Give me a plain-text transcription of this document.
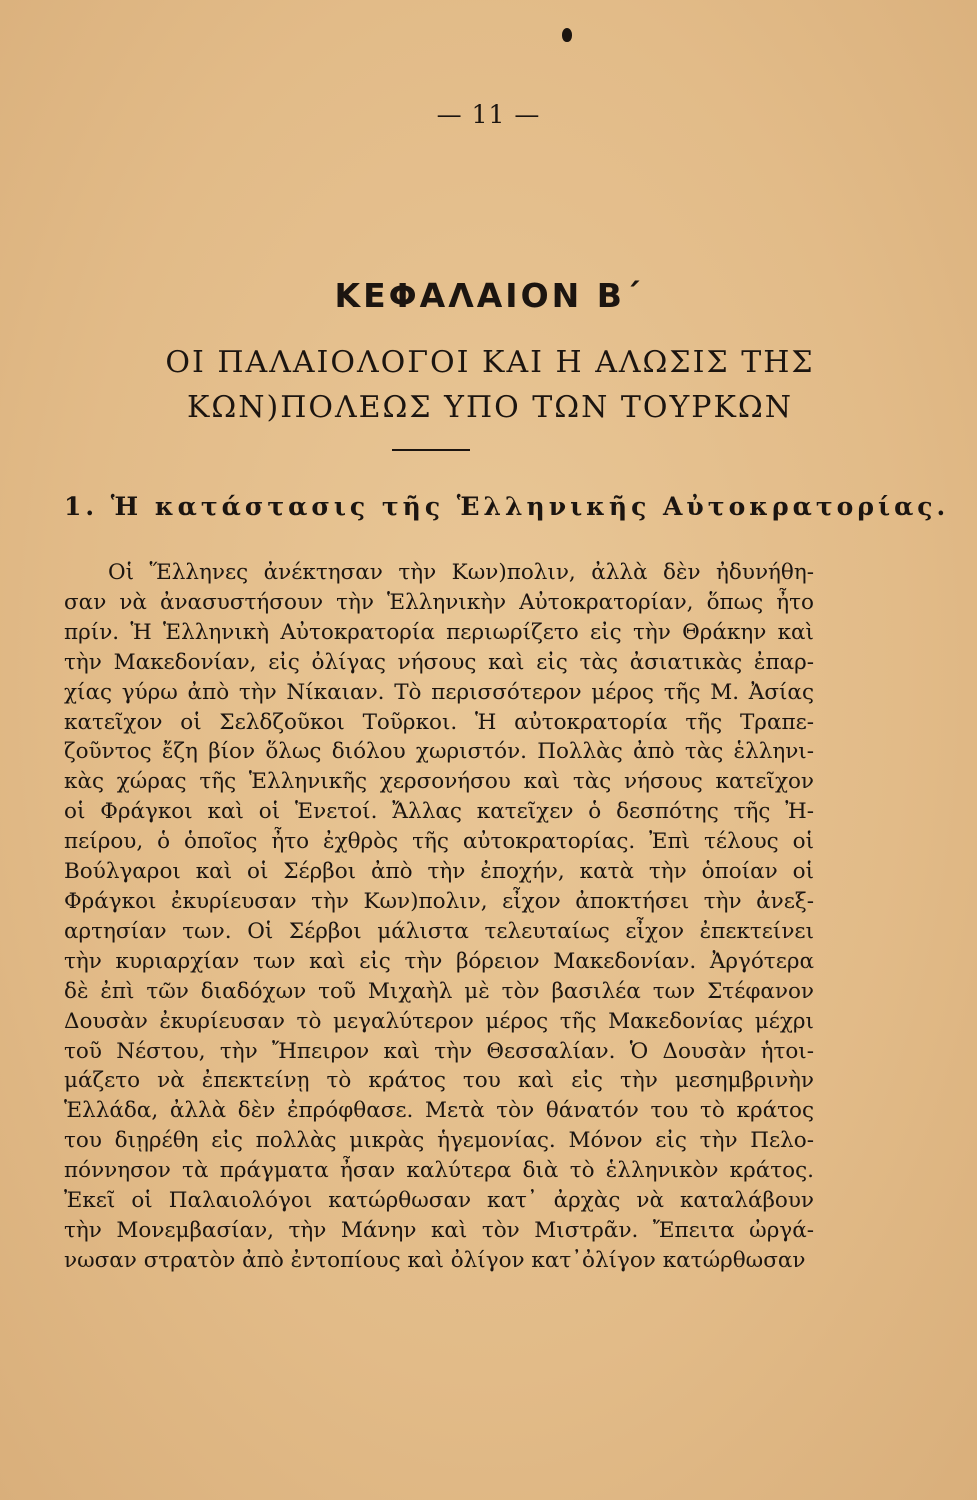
— 11 —
ΚΕΦΑΛΑΙΟΝ Β΄
ΟΙ ΠΑΛΑΙΟΛΟΓΟΙ ΚΑΙ Η ΑΛΩΣΙΣ ΤΗΣ
ΚΩΝ)ΠΟΛΕΩΣ ΥΠΟ ΤΩΝ ΤΟΥΡΚΩΝ
1. Ἡ κατάστασις τῆς Ἑλληνικῆς Αὐτοκρατορίας.
Οἱ Ἕλληνες ἀνέκτησαν τὴν Κων)πολιν, ἀλλὰ δὲν ἠδυνήθη-
σαν νὰ ἀνασυστήσουν τὴν Ἑλληνικὴν Αὐτοκρατορίαν, ὅπως ἦτο
πρίν. Ἡ Ἑλληνικὴ Αὐτοκρατορία περιωρίζετο εἰς τὴν Θράκην καὶ
τὴν Μακεδονίαν, εἰς ὀλίγας νήσους καὶ εἰς τὰς ἀσιατικὰς ἐπαρ-
χίας γύρω ἀπὸ τὴν Νίκαιαν. Τὸ περισσότερον μέρος τῆς Μ. Ἀσίας
κατεῖχον οἱ Σελδζοῦκοι Τοῦρκοι. Ἡ αὐτοκρατορία τῆς Τραπε-
ζοῦντος ἔζη βίον ὅλως διόλου χωριστόν. Πολλὰς ἀπὸ τὰς ἑλληνι-
κὰς χώρας τῆς Ἑλληνικῆς χερσονήσου καὶ τὰς νήσους κατεῖχον
οἱ Φράγκοι καὶ οἱ Ἑνετοί. Ἄλλας κατεῖχεν ὁ δεσπότης τῆς Ἠ-
πείρου, ὁ ὁποῖος ἦτο ἐχθρὸς τῆς αὐτοκρατορίας. Ἐπὶ τέλους οἱ
Βούλγαροι καὶ οἱ Σέρβοι ἀπὸ τὴν ἐποχήν, κατὰ τὴν ὁποίαν οἱ
Φράγκοι ἐκυρίευσαν τὴν Κων)πολιν, εἶχον ἀποκτήσει τὴν ἀνεξ-
αρτησίαν των. Οἱ Σέρβοι μάλιστα τελευταίως εἶχον ἐπεκτείνει
τὴν κυριαρχίαν των καὶ εἰς τὴν βόρειον Μακεδονίαν. Ἀργότερα
δὲ ἐπὶ τῶν διαδόχων τοῦ Μιχαὴλ μὲ τὸν βασιλέα των Στέφανον
Δουσὰν ἐκυρίευσαν τὸ μεγαλύτερον μέρος τῆς Μακεδονίας μέχρι
τοῦ Νέστου, τὴν Ἤπειρον καὶ τὴν Θεσσαλίαν. Ὁ Δουσὰν ἡτοι-
μάζετο νὰ ἐπεκτείνῃ τὸ κράτος του καὶ εἰς τὴν μεσημβρινὴν
Ἑλλάδα, ἀλλὰ δὲν ἐπρόφθασε. Μετὰ τὸν θάνατόν του τὸ κράτος
του διῃρέθη εἰς πολλὰς μικρὰς ἡγεμονίας. Μόνον εἰς τὴν Πελο-
πόννησον τὰ πράγματα ἦσαν καλύτερα διὰ τὸ ἑλληνικὸν κράτος.
Ἐκεῖ οἱ Παλαιολόγοι κατώρθωσαν κατ᾿ ἀρχὰς νὰ καταλάβουν
τὴν Μονεμβασίαν, τὴν Μάνην καὶ τὸν Μιστρᾶν. Ἔπειτα ὠργά-
νωσαν στρατὸν ἀπὸ ἐντοπίους καὶ ὀλίγον κατ᾿ὀλίγον κατώρθωσαν
